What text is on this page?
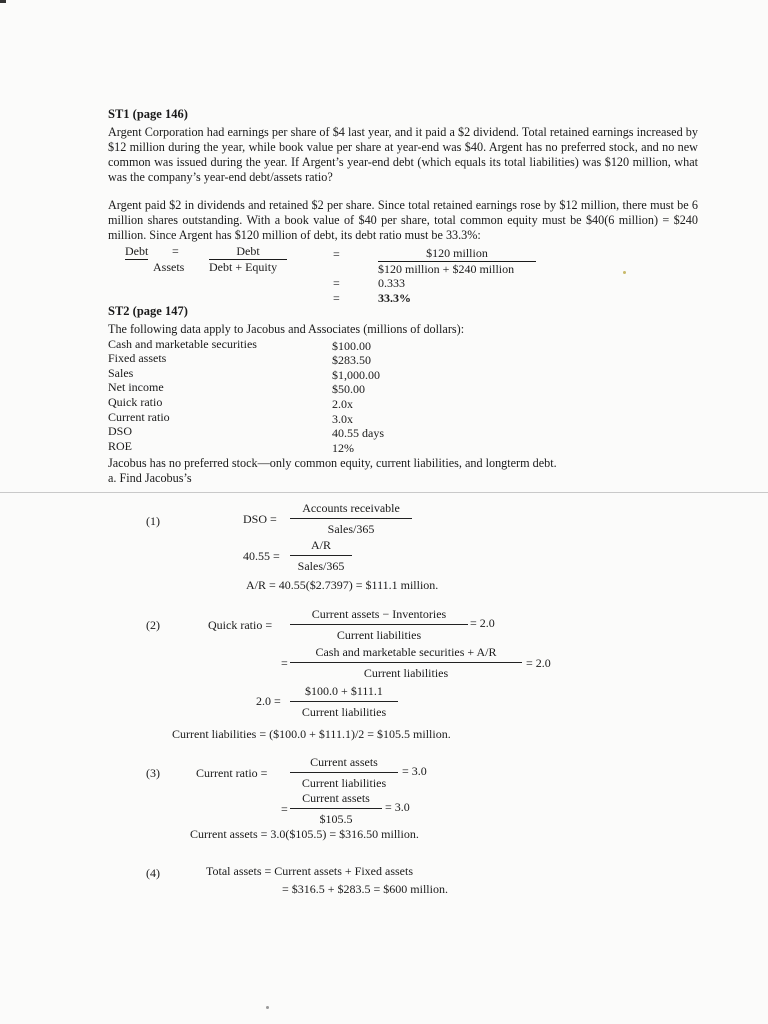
ST1 (page 146)
Argent Corporation had earnings per share of $4 last year, and it paid a $2 dividend. Total retained earnings increased by $12 million during the year, while book value per share at year-end was $40. Argent has no preferred stock, and no new common was issued during the year. If Argent’s year-end debt (which equals its total liabilities) was $120 million, what was the company’s year-end debt/assets ratio?
Argent paid $2 in dividends and retained $2 per share. Since total retained earnings rose by $12 million, there must be 6 million shares outstanding. With a book value of $40 per share, total common equity must be $40(6 million) = $240 million. Since Argent has $120 million of debt, its debt ratio must be 33.3%:
Debt =
Assets
Debt
Debt + Equity
=	$120 million
$120 million + $240 million
=	0.333
=	33.3%
ST2 (page 147)
The following data apply to Jacobus and Associates (millions of dollars):
Cash and marketable securities	$100.00
Fixed assets	$283.50
Sales	$1,000.00
Net income	$50.00
Quick ratio	2.0x
Current ratio	3.0x
DSO	40.55 days
ROE	12%
Jacobus has no preferred stock—only common equity, current liabilities, and longterm debt.
a. Find Jacobus’s
(1)	DSO =
Accounts receivable
Sales/365
40.55 =
A/R
Sales/365
A/R = 40.55($2.7397) = $111.1 million.
(2)	Quick ratio =
Current assets − Inventories
Current liabilities
= 2.0
=
Cash and marketable securities + A/R
Current liabilities
= 2.0
2.0 =
$100.0 + $111.1
Current liabilities
Current liabilities = ($100.0 + $111.1)/2 = $105.5 million.
(3)	Current ratio =
Current assets
Current liabilities
= 3.0
=
Current assets
$105.5
= 3.0
Current assets = 3.0($105.5) = $316.50 million.
(4)	Total assets = Current assets + Fixed assets
= $316.5 + $283.5 = $600 million.
